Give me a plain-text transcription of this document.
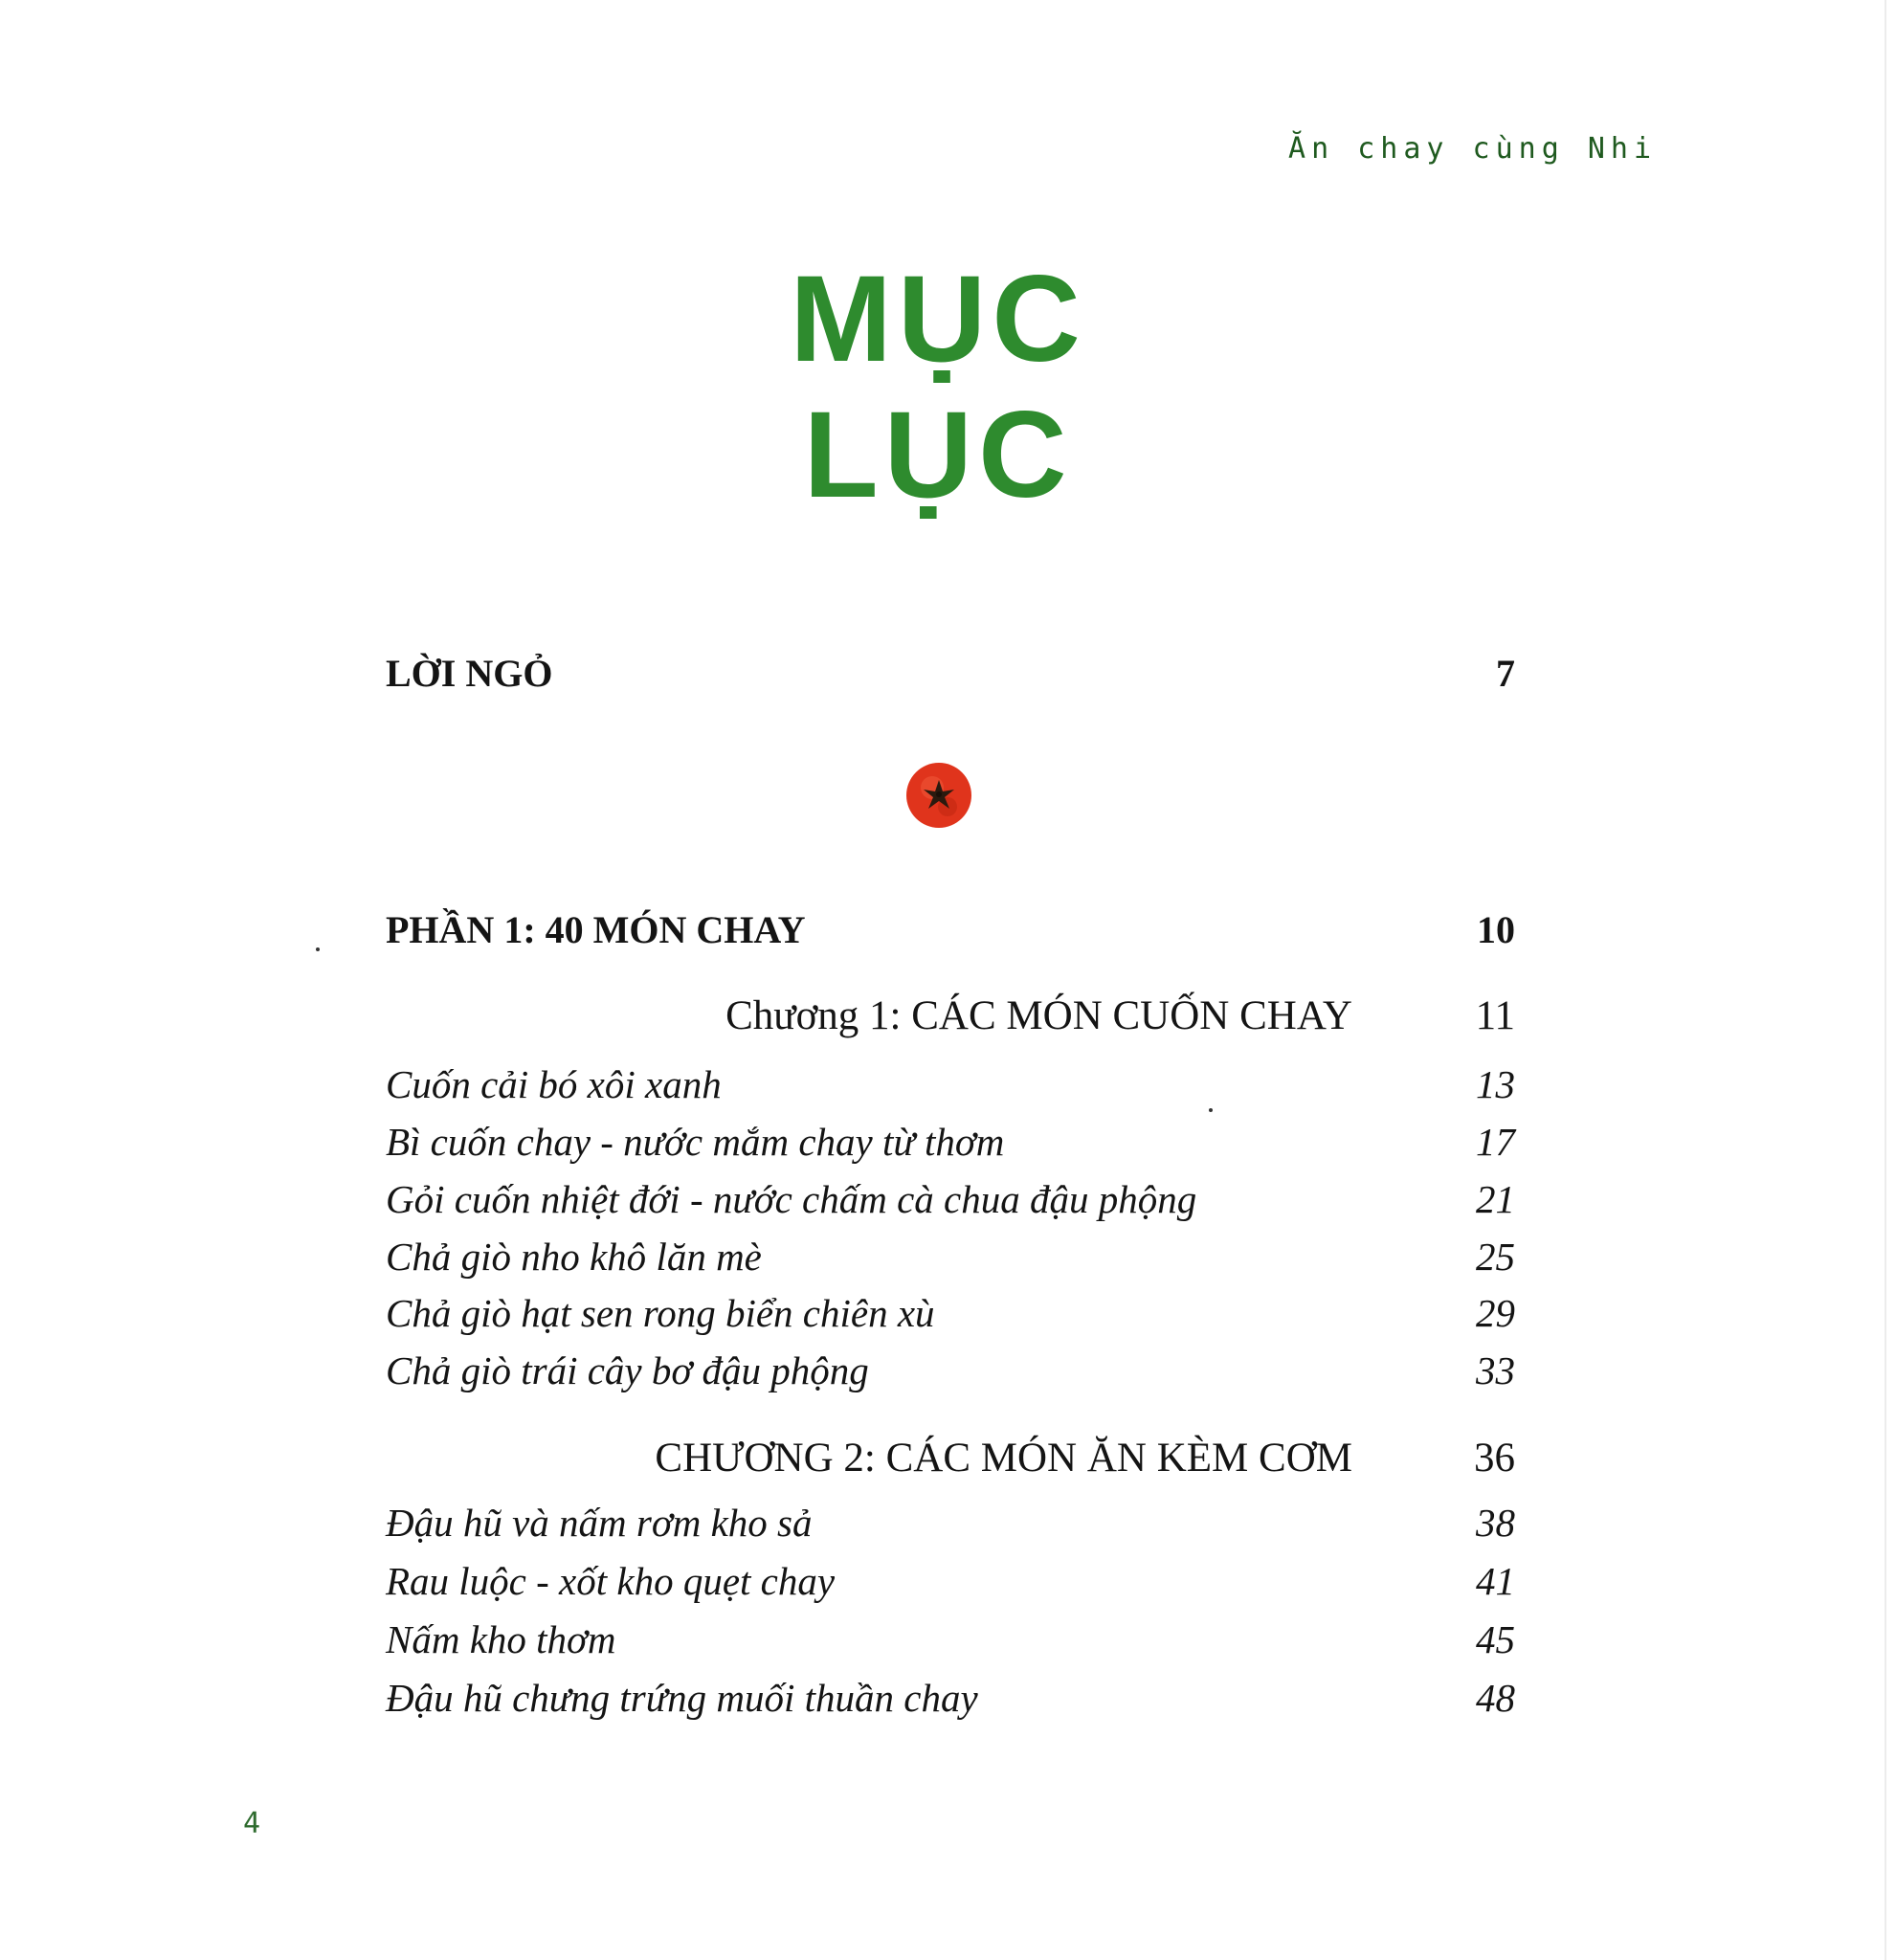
Ăn chay cùng Nhi
MỤC
LỤC
LỜI NGỎ	7
PHẦN 1: 40 MÓN CHAY	10
Chương 1: CÁC MÓN CUỐN CHAY	11
Cuốn cải bó xôi xanh	13
Bì cuốn chay - nước mắm chay từ thơm	17
Gỏi cuốn nhiệt đới - nước chấm cà chua đậu phộng	21
Chả giò nho khô lăn mè	25
Chả giò hạt sen rong biển chiên xù	29
Chả giò trái cây bơ đậu phộng	33
CHƯƠNG 2: CÁC MÓN ĂN KÈM CƠM	36
Đậu hũ và nấm rơm kho sả	38
Rau luộc - xốt kho quẹt chay	41
Nấm kho thơm	45
Đậu hũ chưng trứng muối thuần chay	48
4
